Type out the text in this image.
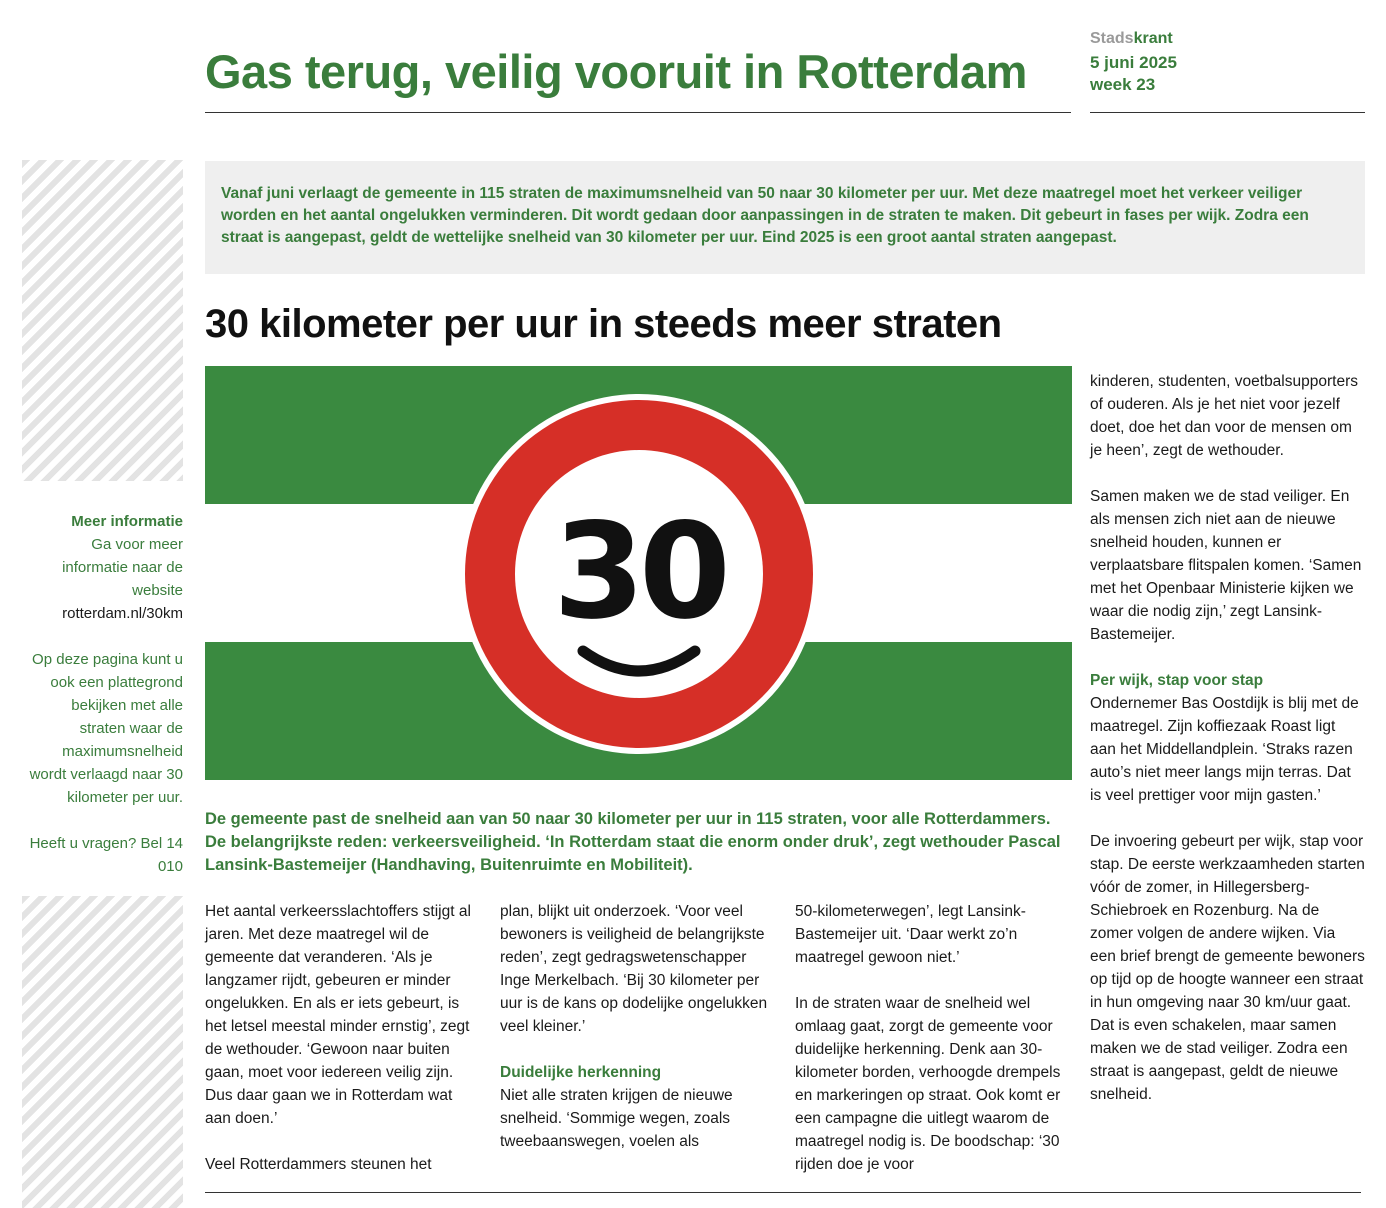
Gas terug, veilig vooruit in Rotterdam
Stadskrant
5 juni 2025
week 23

Meer informatie
Ga voor meer informatie naar de website
rotterdam.nl/30km

Op deze pagina kunt u ook een plattegrond bekijken met alle straten waar de maximumsnelheid wordt verlaagd naar 30 kilometer per uur.

Heeft u vragen? Bel 14 010

Vanaf juni verlaagt de gemeente in 115 straten de maximumsnelheid van 50 naar 30 kilometer per uur. Met deze maatregel moet het verkeer veiliger worden en het aantal ongelukken verminderen. Dit wordt gedaan door aanpassingen in de straten te maken. Dit gebeurt in fases per wijk. Zodra een straat is aangepast, geldt de wettelijke snelheid van 30 kilometer per uur. Eind 2025 is een groot aantal straten aangepast.

30 kilometer per uur in steeds meer straten
30
De gemeente past de snelheid aan van 50 naar 30 kilometer per uur in 115 straten, voor alle Rotterdammers. De belangrijkste reden: verkeersveiligheid. ‘In Rotterdam staat die enorm onder druk’, zegt wethouder Pascal Lansink-Bastemeijer (Handhaving, Buitenruimte en Mobiliteit).

Het aantal verkeersslachtoffers stijgt al jaren. Met deze maatregel wil de gemeente dat veranderen. ‘Als je langzamer rijdt, gebeuren er minder ongelukken. En als er iets gebeurt, is het letsel meestal minder ernstig’, zegt de wethouder. ‘Gewoon naar buiten gaan, moet voor iedereen veilig zijn. Dus daar gaan we in Rotterdam wat aan doen.’

Veel Rotterdammers steunen het

plan, blijkt uit onderzoek. ‘Voor veel bewoners is veiligheid de belangrijkste reden’, zegt gedragswetenschapper Inge Merkelbach. ‘Bij 30 kilometer per uur is de kans op dodelijke ongelukken veel kleiner.’

Duidelijke herkenning
Niet alle straten krijgen de nieuwe snelheid. ‘Sommige wegen, zoals tweebaanswegen, voelen als

50-kilometerwegen’, legt Lansink-Bastemeijer uit. ‘Daar werkt zo’n maatregel gewoon niet.’

In de straten waar de snelheid wel omlaag gaat, zorgt de gemeente voor duidelijke herkenning. Denk aan 30-kilometer borden, verhoogde drempels en markeringen op straat. Ook komt er een campagne die uitlegt waarom de maatregel nodig is. De boodschap: ‘30 rijden doe je voor

kinderen, studenten, voetbalsupporters of ouderen. Als je het niet voor jezelf doet, doe het dan voor de mensen om je heen’, zegt de wethouder.

Samen maken we de stad veiliger. En als mensen zich niet aan de nieuwe snelheid houden, kunnen er verplaatsbare flitspalen komen. ‘Samen met het Openbaar Ministerie kijken we waar die nodig zijn,’ zegt Lansink-Bastemeijer.

Per wijk, stap voor stap
Ondernemer Bas Oostdijk is blij met de maatregel. Zijn koffiezaak Roast ligt aan het Middellandplein. ‘Straks razen auto’s niet meer langs mijn terras. Dat is veel prettiger voor mijn gasten.’

De invoering gebeurt per wijk, stap voor stap. De eerste werkzaamheden starten vóór de zomer, in Hillegersberg-Schiebroek en Rozenburg. Na de zomer volgen de andere wijken. Via een brief brengt de gemeente bewoners op tijd op de hoogte wanneer een straat in hun omgeving naar 30 km/uur gaat. Dat is even schakelen, maar samen maken we de stad veiliger. Zodra een straat is aangepast, geldt de nieuwe snelheid.
